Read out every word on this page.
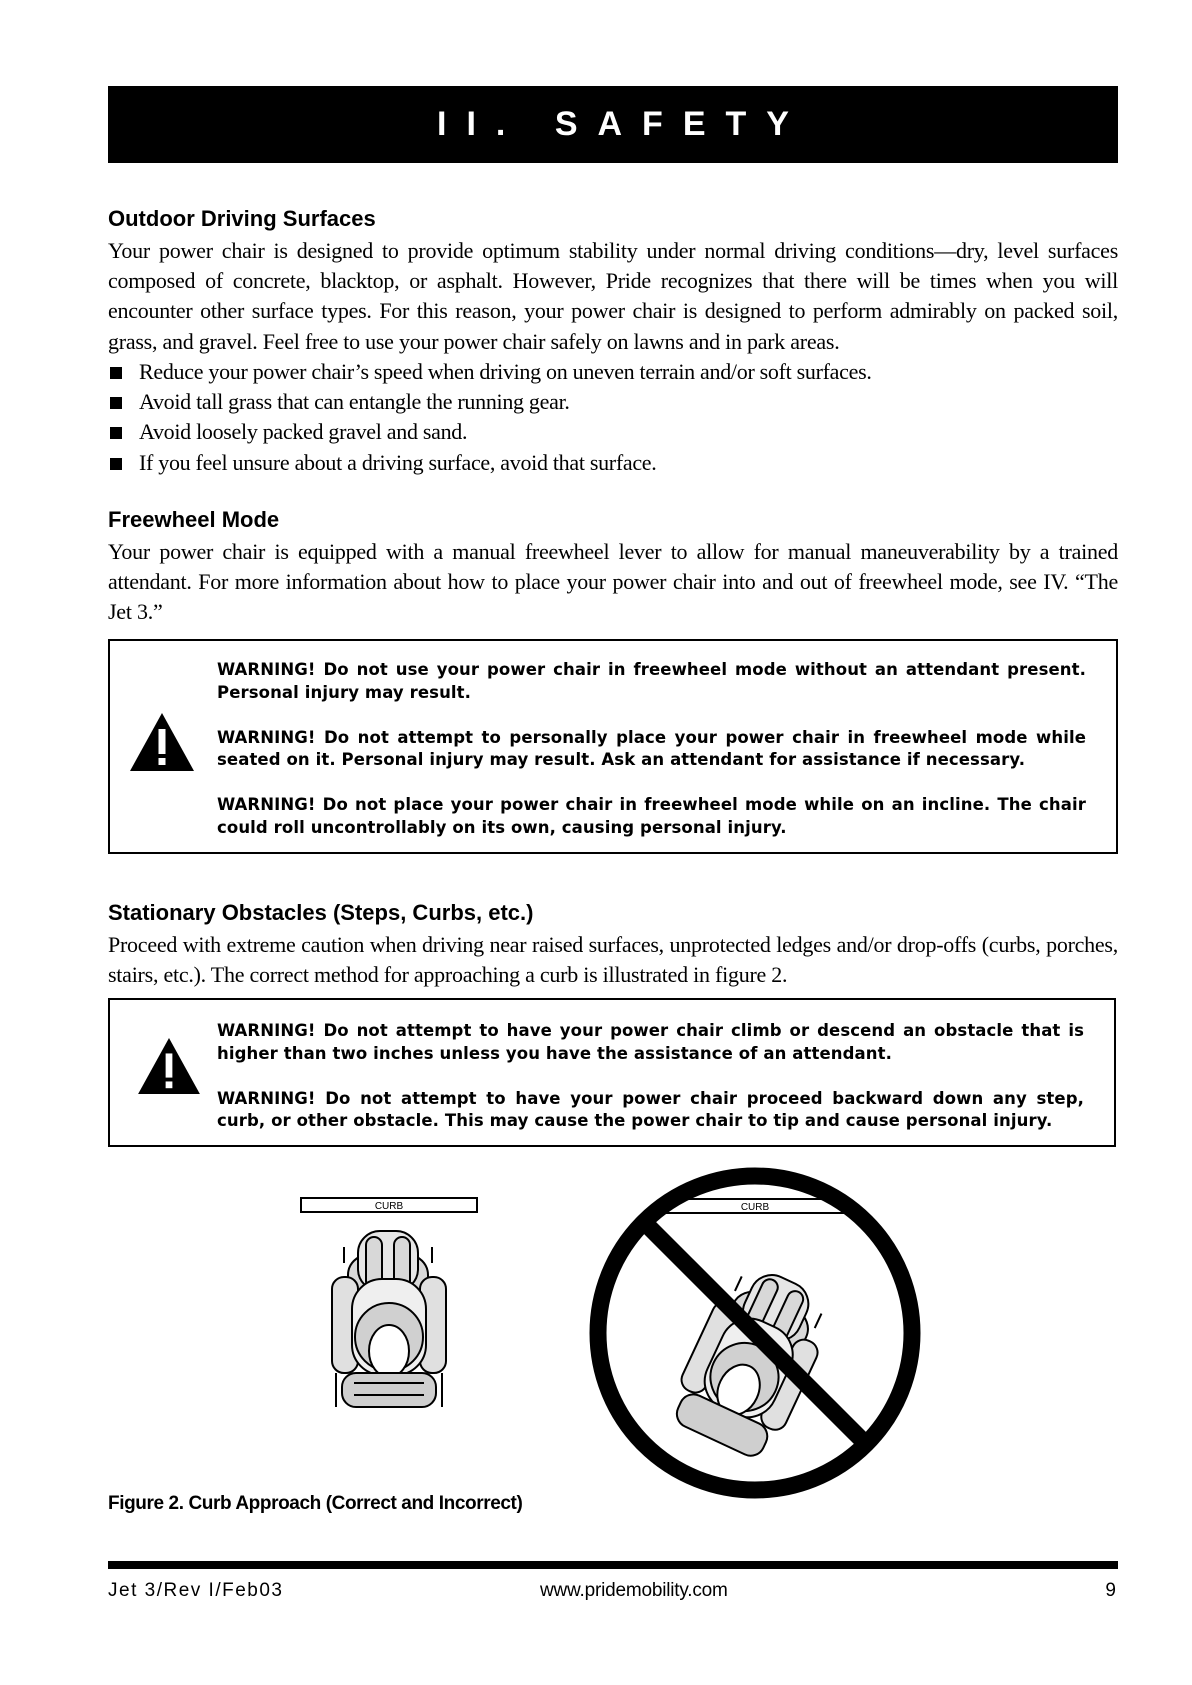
II. SAFETY
Outdoor Driving Surfaces

Your power chair is designed to provide optimum stability under normal driving conditions—dry, level surfaces composed of concrete, blacktop, or asphalt. However, Pride recognizes that there will be times when you will encounter other surface types. For this reason, your power chair is designed to perform admirably on packed soil, grass, and gravel. Feel free to use your power chair safely on lawns and in park areas.

Reduce your power chair’s speed when driving on uneven terrain and/or soft surfaces.
Avoid tall grass that can entangle the running gear.
Avoid loosely packed gravel and sand.
If you feel unsure about a driving surface, avoid that surface.
Freewheel Mode

Your power chair is equipped with a manual freewheel lever to allow for manual maneuverability by a trained attendant. For more information about how to place your power chair into and out of freewheel mode, see IV. “The Jet 3.”

WARNING! Do not use your power chair in freewheel mode without an attendant present. Personal injury may result.
WARNING! Do not attempt to personally place your power chair in freewheel mode while seated on it. Personal injury may result. Ask an attendant for assistance if necessary.
WARNING! Do not place your power chair in freewheel mode while on an incline. The chair could roll uncontrollably on its own, causing personal injury.
Stationary Obstacles (Steps, Curbs, etc.)

Proceed with extreme caution when driving near raised surfaces, unprotected ledges and/or drop-offs (curbs, porches, stairs, etc.). The correct method for approaching a curb is illustrated in figure 2.

WARNING! Do not attempt to have your power chair climb or descend an obstacle that is higher than two inches unless you have the assistance of an attendant.
WARNING! Do not attempt to have your power chair proceed backward down any step, curb, or other obstacle. This may cause the power chair to tip and cause personal injury.
CURB	CURB
Figure 2. Curb Approach (Correct and Incorrect)
Jet 3/Rev I/Feb03	www.pridemobility.com	9
